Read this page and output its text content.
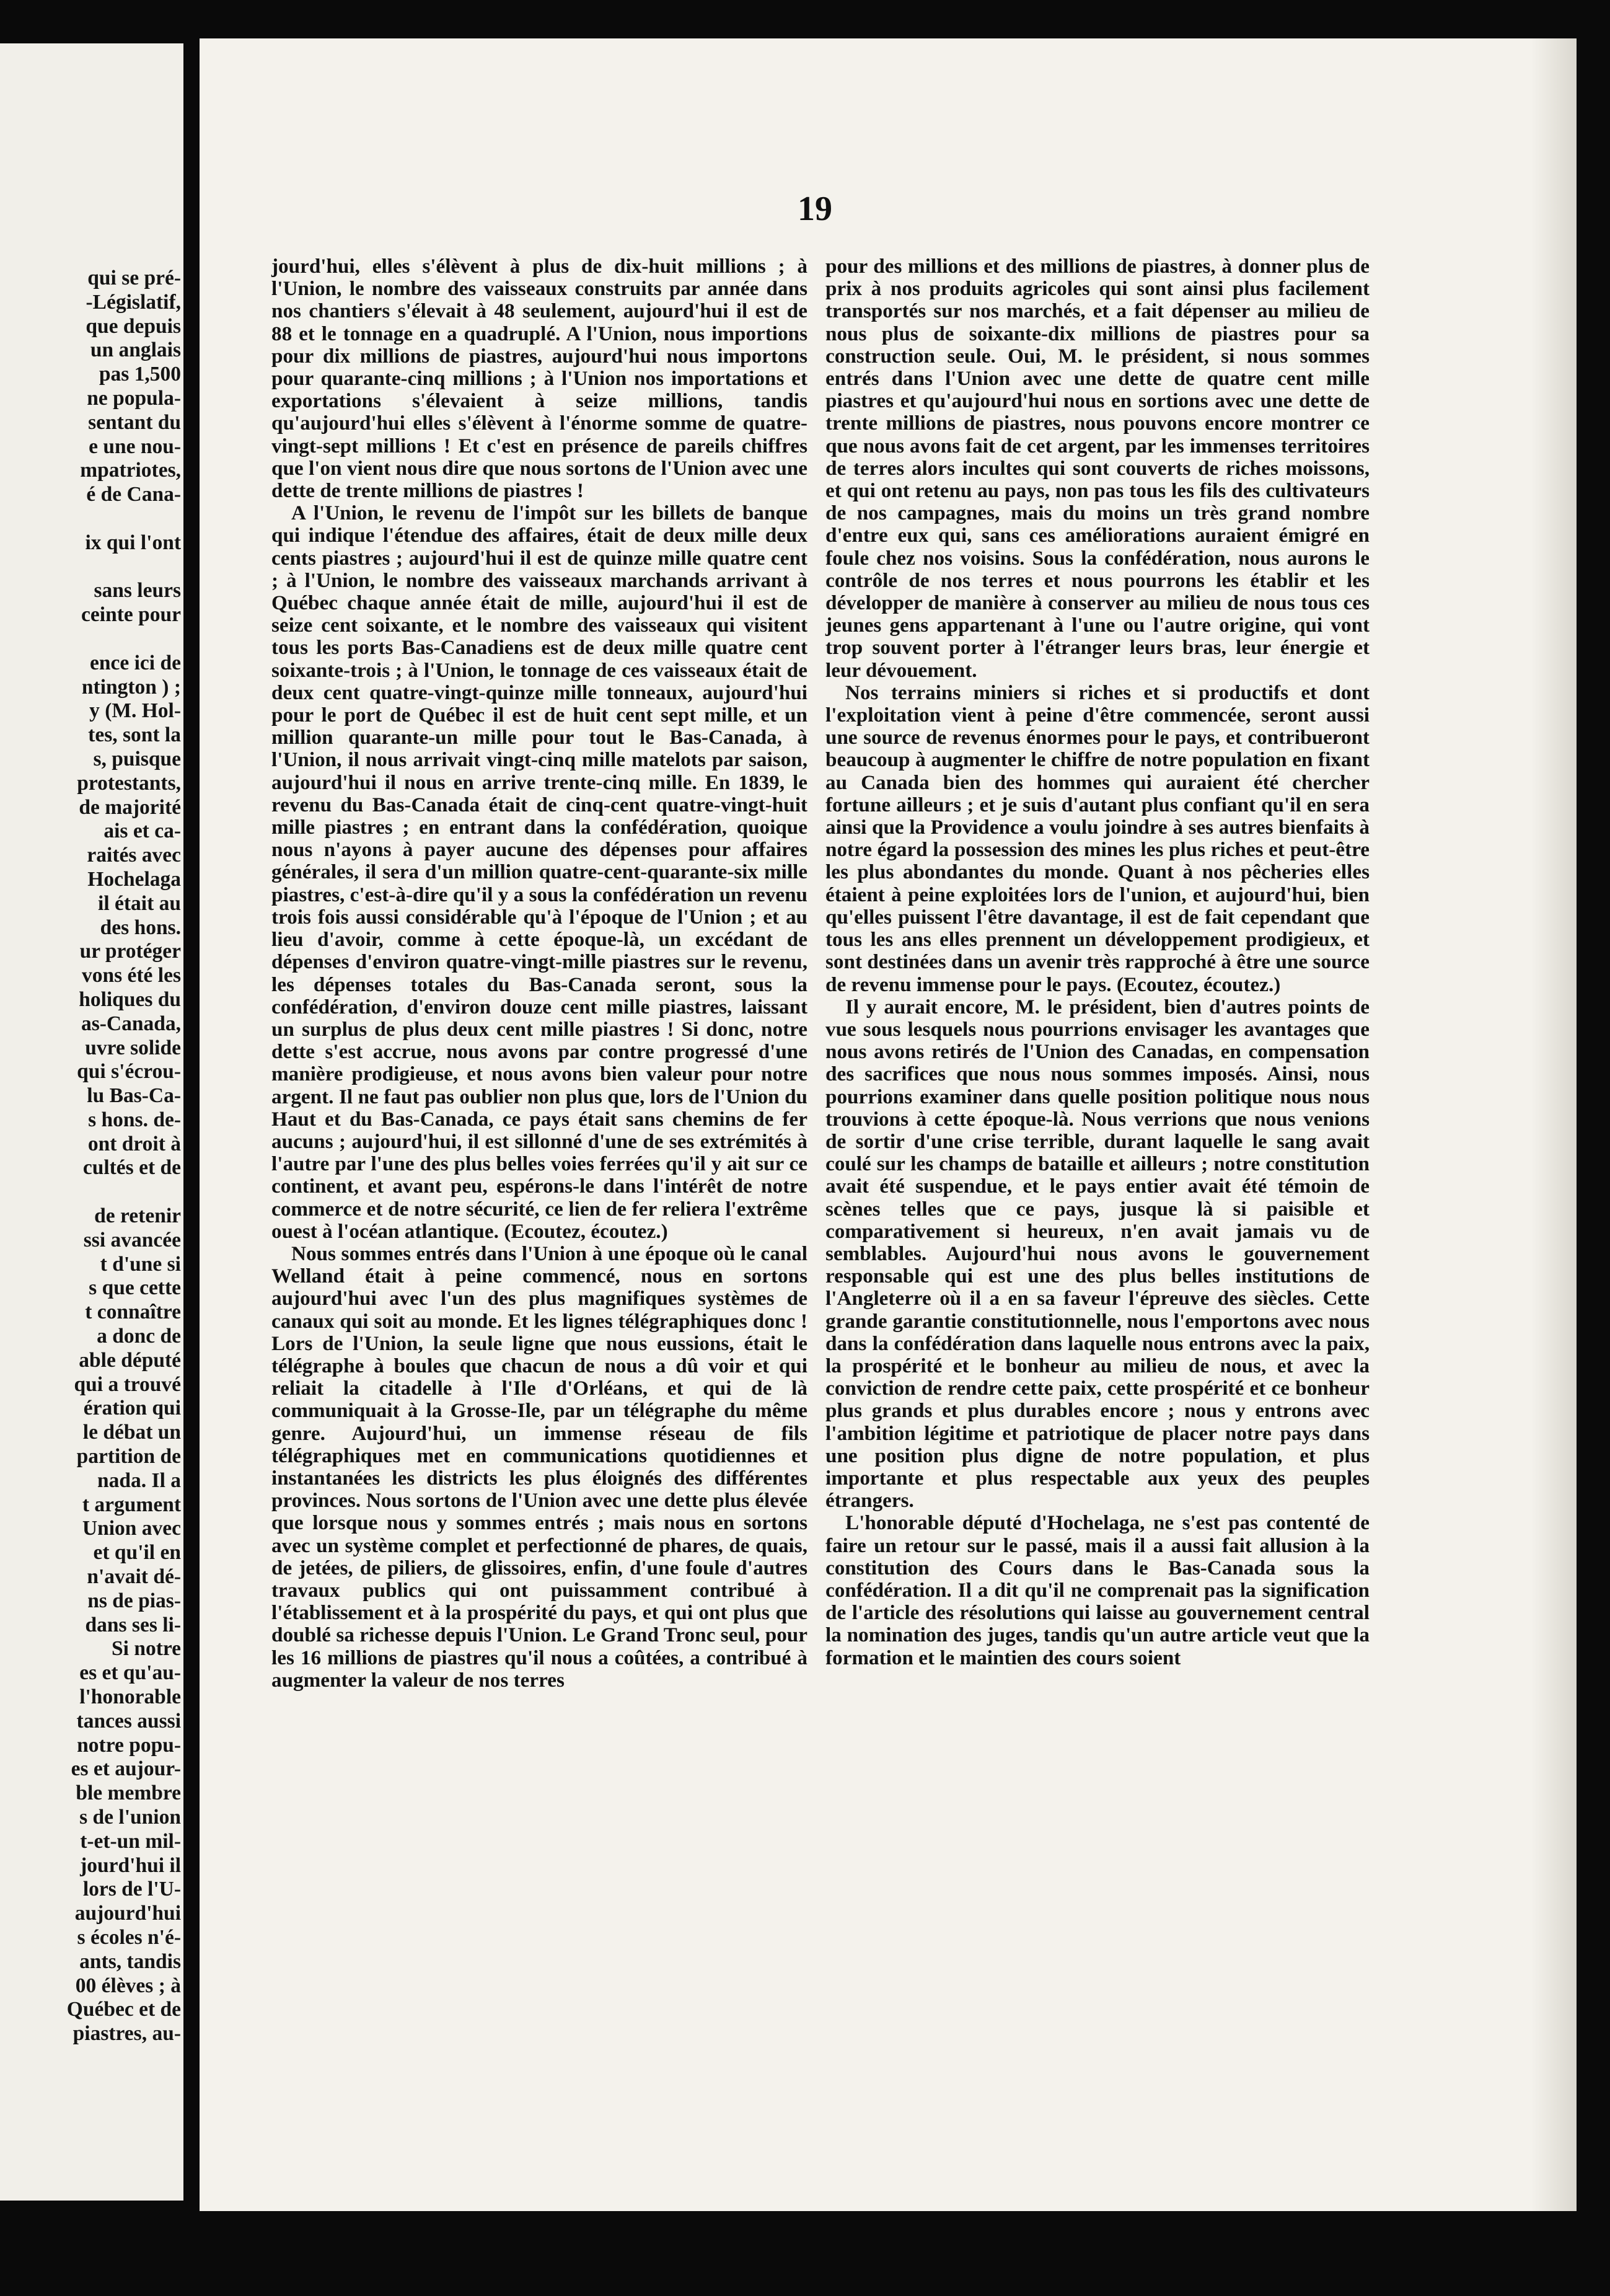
qui se pré-
-Législatif,
que depuis
un anglais
pas 1,500
ne popula-
sentant du
e une nou-
mpatriotes,
é de Cana-

ix qui l'ont

sans leurs
ceinte pour

ence ici de
ntington ) ;
y (M. Hol-
tes, sont la
s, puisque
protestants,
de majorité
ais et ca-
raités avec
Hochelaga
il était au
des hons.
ur protéger
vons été les
holiques du
as-Canada,
uvre solide
qui s'écrou-
lu Bas-Ca-
s hons. de-
ont droit à
cultés et de

de retenir
ssi avancée
t d'une si
s que cette
t connaître
a donc de
able député
qui a trouvé
ération qui
le débat un
partition de
nada. Il a
t argument
Union avec
et qu'il en
n'avait dé-
ns de pias-
dans ses li-
Si notre
es et qu'au-
l'honorable
tances aussi
notre popu-
es et aujour-
ble membre
s de l'union
t-et-un mil-
jourd'hui il
lors de l'U-
aujourd'hui
s écoles n'é-
ants, tandis
00 élèves ; à
Québec et de
piastres, au-
19

jourd'hui, elles s'élèvent à plus de dix-huit millions ; à l'Union, le nombre des vaisseaux construits par année dans nos chantiers s'élevait à 48 seulement, aujourd'hui il est de 88 et le tonnage en a quadruplé. A l'Union, nous importions pour dix millions de piastres, aujourd'hui nous importons pour quarante-cinq millions ; à l'Union nos importations et exportations s'élevaient à seize millions, tandis qu'aujourd'hui elles s'élèvent à l'énorme somme de quatre-vingt-sept millions ! Et c'est en présence de pareils chiffres que l'on vient nous dire que nous sortons de l'Union avec une dette de trente millions de piastres !

A l'Union, le revenu de l'impôt sur les billets de banque qui indique l'étendue des affaires, était de deux mille deux cents piastres ; aujourd'hui il est de quinze mille quatre cent ; à l'Union, le nombre des vaisseaux marchands arrivant à Québec chaque année était de mille, aujourd'hui il est de seize cent soixante, et le nombre des vaisseaux qui visitent tous les ports Bas-Canadiens est de deux mille quatre cent soixante-trois ; à l'Union, le tonnage de ces vaisseaux était de deux cent quatre-vingt-quinze mille tonneaux, aujourd'hui pour le port de Québec il est de huit cent sept mille, et un million quarante-un mille pour tout le Bas-Canada, à l'Union, il nous arrivait vingt-cinq mille matelots par saison, aujourd'hui il nous en arrive trente-cinq mille. En 1839, le revenu du Bas-Canada était de cinq-cent quatre-vingt-huit mille piastres ; en entrant dans la confédération, quoique nous n'ayons à payer aucune des dépenses pour affaires générales, il sera d'un million quatre-cent-quarante-six mille piastres, c'est-à-dire qu'il y a sous la confédération un revenu trois fois aussi considérable qu'à l'époque de l'Union ; et au lieu d'avoir, comme à cette époque-là, un excédant de dépenses d'environ quatre-vingt-mille piastres sur le revenu, les dépenses totales du Bas-Canada seront, sous la confédération, d'environ douze cent mille piastres, laissant un surplus de plus deux cent mille piastres ! Si donc, notre dette s'est accrue, nous avons par contre progressé d'une manière prodigieuse, et nous avons bien valeur pour notre argent. Il ne faut pas oublier non plus que, lors de l'Union du Haut et du Bas-Canada, ce pays était sans chemins de fer aucuns ; aujourd'hui, il est sillonné d'une de ses extrémités à l'autre par l'une des plus belles voies ferrées qu'il y ait sur ce continent, et avant peu, espérons-le dans l'intérêt de notre commerce et de notre sécurité, ce lien de fer reliera l'extrême ouest à l'océan atlantique. (Ecoutez, écoutez.)

Nous sommes entrés dans l'Union à une époque où le canal Welland était à peine commencé, nous en sortons aujourd'hui avec l'un des plus magnifiques systèmes de canaux qui soit au monde. Et les lignes télégraphiques donc ! Lors de l'Union, la seule ligne que nous eussions, était le télégraphe à boules que chacun de nous a dû voir et qui reliait la citadelle à l'Ile d'Orléans, et qui de là communiquait à la Grosse-Ile, par un télégraphe du même genre. Aujourd'hui, un immense réseau de fils télégraphiques met en communications quotidiennes et instantanées les districts les plus éloignés des différentes provinces. Nous sortons de l'Union avec une dette plus élevée que lorsque nous y sommes entrés ; mais nous en sortons avec un système complet et perfectionné de phares, de quais, de jetées, de piliers, de glissoires, enfin, d'une foule d'autres travaux publics qui ont puissamment contribué à l'établissement et à la prospérité du pays, et qui ont plus que doublé sa richesse depuis l'Union. Le Grand Tronc seul, pour les 16 millions de piastres qu'il nous a coûtées, a contribué à augmenter la valeur de nos terres

pour des millions et des millions de piastres, à donner plus de prix à nos produits agricoles qui sont ainsi plus facilement transportés sur nos marchés, et a fait dépenser au milieu de nous plus de soixante-dix millions de piastres pour sa construction seule. Oui, M. le président, si nous sommes entrés dans l'Union avec une dette de quatre cent mille piastres et qu'aujourd'hui nous en sortions avec une dette de trente millions de piastres, nous pouvons encore montrer ce que nous avons fait de cet argent, par les immenses territoires de terres alors incultes qui sont couverts de riches moissons, et qui ont retenu au pays, non pas tous les fils des cultivateurs de nos campagnes, mais du moins un très grand nombre d'entre eux qui, sans ces améliorations auraient émigré en foule chez nos voisins. Sous la confédération, nous aurons le contrôle de nos terres et nous pourrons les établir et les développer de manière à conserver au milieu de nous tous ces jeunes gens appartenant à l'une ou l'autre origine, qui vont trop souvent porter à l'étranger leurs bras, leur énergie et leur dévouement.

Nos terrains miniers si riches et si productifs et dont l'exploitation vient à peine d'être commencée, seront aussi une source de revenus énormes pour le pays, et contribueront beaucoup à augmenter le chiffre de notre population en fixant au Canada bien des hommes qui auraient été chercher fortune ailleurs ; et je suis d'autant plus confiant qu'il en sera ainsi que la Providence a voulu joindre à ses autres bienfaits à notre égard la possession des mines les plus riches et peut-être les plus abondantes du monde. Quant à nos pêcheries elles étaient à peine exploitées lors de l'union, et aujourd'hui, bien qu'elles puissent l'être davantage, il est de fait cependant que tous les ans elles prennent un développement prodigieux, et sont destinées dans un avenir très rapproché à être une source de revenu immense pour le pays. (Ecoutez, écoutez.)

Il y aurait encore, M. le président, bien d'autres points de vue sous lesquels nous pourrions envisager les avantages que nous avons retirés de l'Union des Canadas, en compensation des sacrifices que nous nous sommes imposés. Ainsi, nous pourrions examiner dans quelle position politique nous nous trouvions à cette époque-là. Nous verrions que nous venions de sortir d'une crise terrible, durant laquelle le sang avait coulé sur les champs de bataille et ailleurs ; notre constitution avait été suspendue, et le pays entier avait été témoin de scènes telles que ce pays, jusque là si paisible et comparativement si heureux, n'en avait jamais vu de semblables. Aujourd'hui nous avons le gouvernement responsable qui est une des plus belles institutions de l'Angleterre où il a en sa faveur l'épreuve des siècles. Cette grande garantie constitutionnelle, nous l'emportons avec nous dans la confédération dans laquelle nous entrons avec la paix, la prospérité et le bonheur au milieu de nous, et avec la conviction de rendre cette paix, cette prospérité et ce bonheur plus grands et plus durables encore ; nous y entrons avec l'ambition légitime et patriotique de placer notre pays dans une position plus digne de notre population, et plus importante et plus respectable aux yeux des peuples étrangers.

L'honorable député d'Hochelaga, ne s'est pas contenté de faire un retour sur le passé, mais il a aussi fait allusion à la constitution des Cours dans le Bas-Canada sous la confédération. Il a dit qu'il ne comprenait pas la signification de l'article des résolutions qui laisse au gouvernement central la nomination des juges, tandis qu'un autre article veut que la formation et le maintien des cours soient
